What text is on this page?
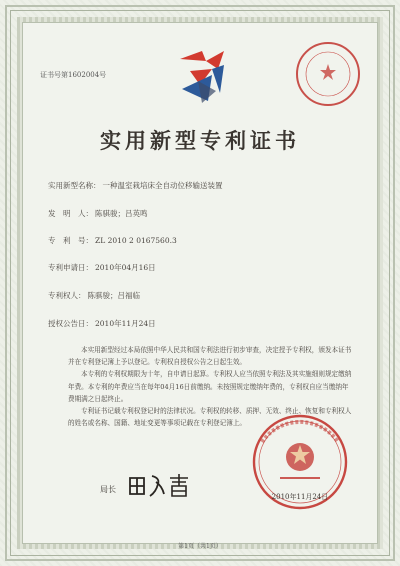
证书号第1602004号
实用新型专利证书
实用新型名称： 一种温室栽培床全自动位移输送装置
发　明　人： 陈骐骏；吕英鸣
专　利　号： ZL 2010 2 0167560.3
专利申请日： 2010年04月16日
专利权人： 陈骐骏；吕福临
授权公告日： 2010年11月24日

本实用新型经过本局依照中华人民共和国专利法进行初步审查，决定授予专利权，颁发本证书并在专利登记簿上予以登记。专利权自授权公告之日起生效。

本专利的专利权期限为十年，自申请日起算。专利权人应当依照专利法及其实施细则规定缴纳年费。本专利的年费应当在每年04月16日前缴纳。未按照规定缴纳年费的，专利权自应当缴纳年费期满之日起终止。

专利证书记载专利权登记时的法律状况。专利权的转移、质押、无效、终止、恢复和专利权人的姓名或名称、国籍、地址变更等事项记载在专利登记簿上。

局长
2010年11月24日
第1页（共1页）
